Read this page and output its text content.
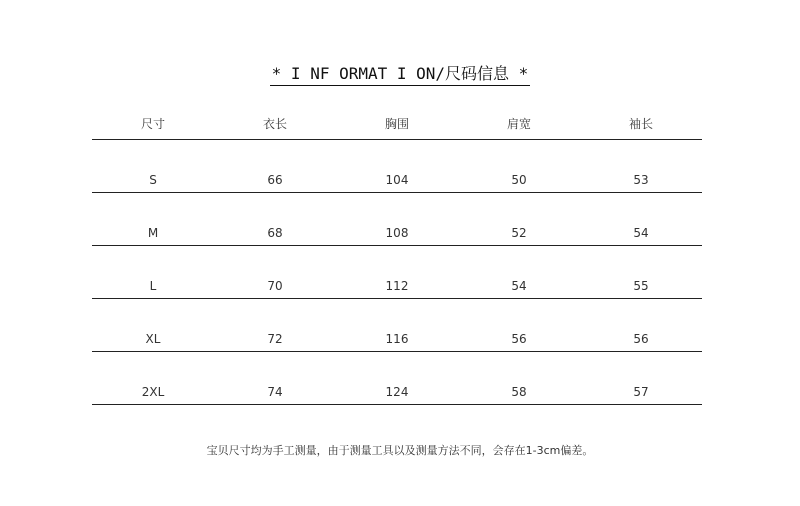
* I NF ORMAT I ON/尺码信息 *
尺寸	衣长	胸围	肩宽	袖长
S	66	104	50	53
M	68	108	52	54
L	70	112	54	55
XL	72	116	56	56
2XL	74	124	58	57
宝贝尺寸均为手工测量，由于测量工具以及测量方法不同，会存在1-3cm偏差。
